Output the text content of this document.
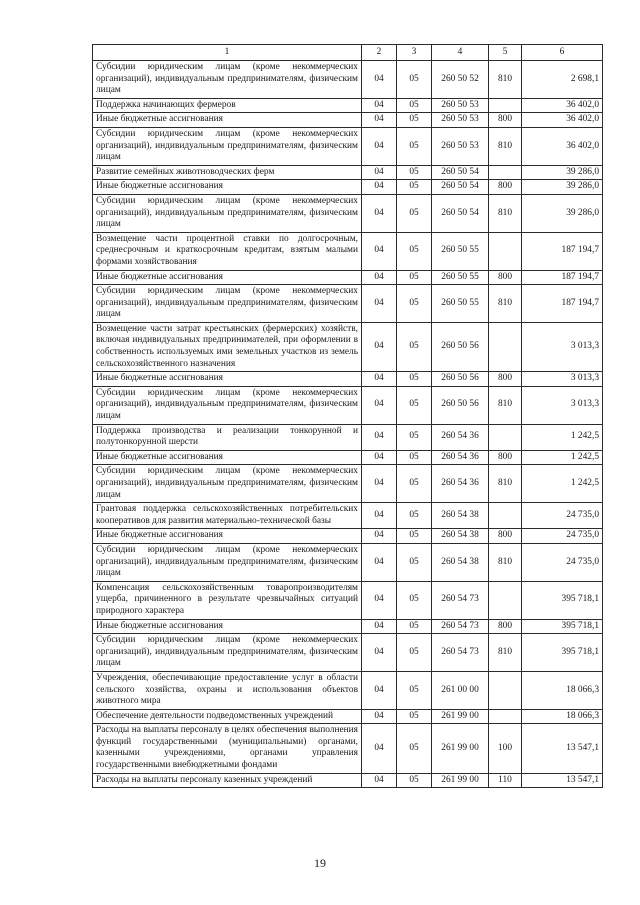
1	2	3	4	5	6
Субсидии юридическим лицам (кроме некоммерческих организаций), индивидуальным предпринимателям, физическим лицам	04	05	260 50 52	810	2 698,1
Поддержка начинающих фермеров	04	05	260 50 53		36 402,0
Иные бюджетные ассигнования	04	05	260 50 53	800	36 402,0
Субсидии юридическим лицам (кроме некоммерческих организаций), индивидуальным предпринимателям, физическим лицам	04	05	260 50 53	810	36 402,0
Развитие семейных животноводческих ферм	04	05	260 50 54		39 286,0
Иные бюджетные ассигнования	04	05	260 50 54	800	39 286,0
Субсидии юридическим лицам (кроме некоммерческих организаций), индивидуальным предпринимателям, физическим лицам	04	05	260 50 54	810	39 286,0
Возмещение части процентной ставки по долгосрочным, среднесрочным и краткосрочным кредитам, взятым малыми формами хозяйствования	04	05	260 50 55		187 194,7
Иные бюджетные ассигнования	04	05	260 50 55	800	187 194,7
Субсидии юридическим лицам (кроме некоммерческих организаций), индивидуальным предпринимателям, физическим лицам	04	05	260 50 55	810	187 194,7
Возмещение части затрат крестьянских (фермерских) хозяйств, включая индивидуальных предпринимателей, при оформлении в собственность используемых ими земельных участков из земель сельскохозяйственного назначения	04	05	260 50 56		3 013,3
Иные бюджетные ассигнования	04	05	260 50 56	800	3 013,3
Субсидии юридическим лицам (кроме некоммерческих организаций), индивидуальным предпринимателям, физическим лицам	04	05	260 50 56	810	3 013,3
Поддержка производства и реализации тонкорунной и полутонкорунной шерсти	04	05	260 54 36		1 242,5
Иные бюджетные ассигнования	04	05	260 54 36	800	1 242,5
Субсидии юридическим лицам (кроме некоммерческих организаций), индивидуальным предпринимателям, физическим лицам	04	05	260 54 36	810	1 242,5
Грантовая поддержка сельскохозяйственных потребительских кооперативов для развития материально-технической базы	04	05	260 54 38		24 735,0
Иные бюджетные ассигнования	04	05	260 54 38	800	24 735,0
Субсидии юридическим лицам (кроме некоммерческих организаций), индивидуальным предпринимателям, физическим лицам	04	05	260 54 38	810	24 735,0
Компенсация сельскохозяйственным товаропроизводителям ущерба, причиненного в результате чрезвычайных ситуаций природного характера	04	05	260 54 73		395 718,1
Иные бюджетные ассигнования	04	05	260 54 73	800	395 718,1
Субсидии юридическим лицам (кроме некоммерческих организаций), индивидуальным предпринимателям, физическим лицам	04	05	260 54 73	810	395 718,1
Учреждения, обеспечивающие предоставление услуг в области сельского хозяйства, охраны и использования объектов животного мира	04	05	261 00 00		18 066,3
Обеспечение деятельности подведомственных учреждений	04	05	261 99 00		18 066,3
Расходы на выплаты персоналу в целях обеспечения выполнения функций государственными (муниципальными) органами, казенными учреждениями, органами управления государственными внебюджетными фондами	04	05	261 99 00	100	13 547,1
Расходы на выплаты персоналу казенных учреждений	04	05	261 99 00	110	13 547,1
19
